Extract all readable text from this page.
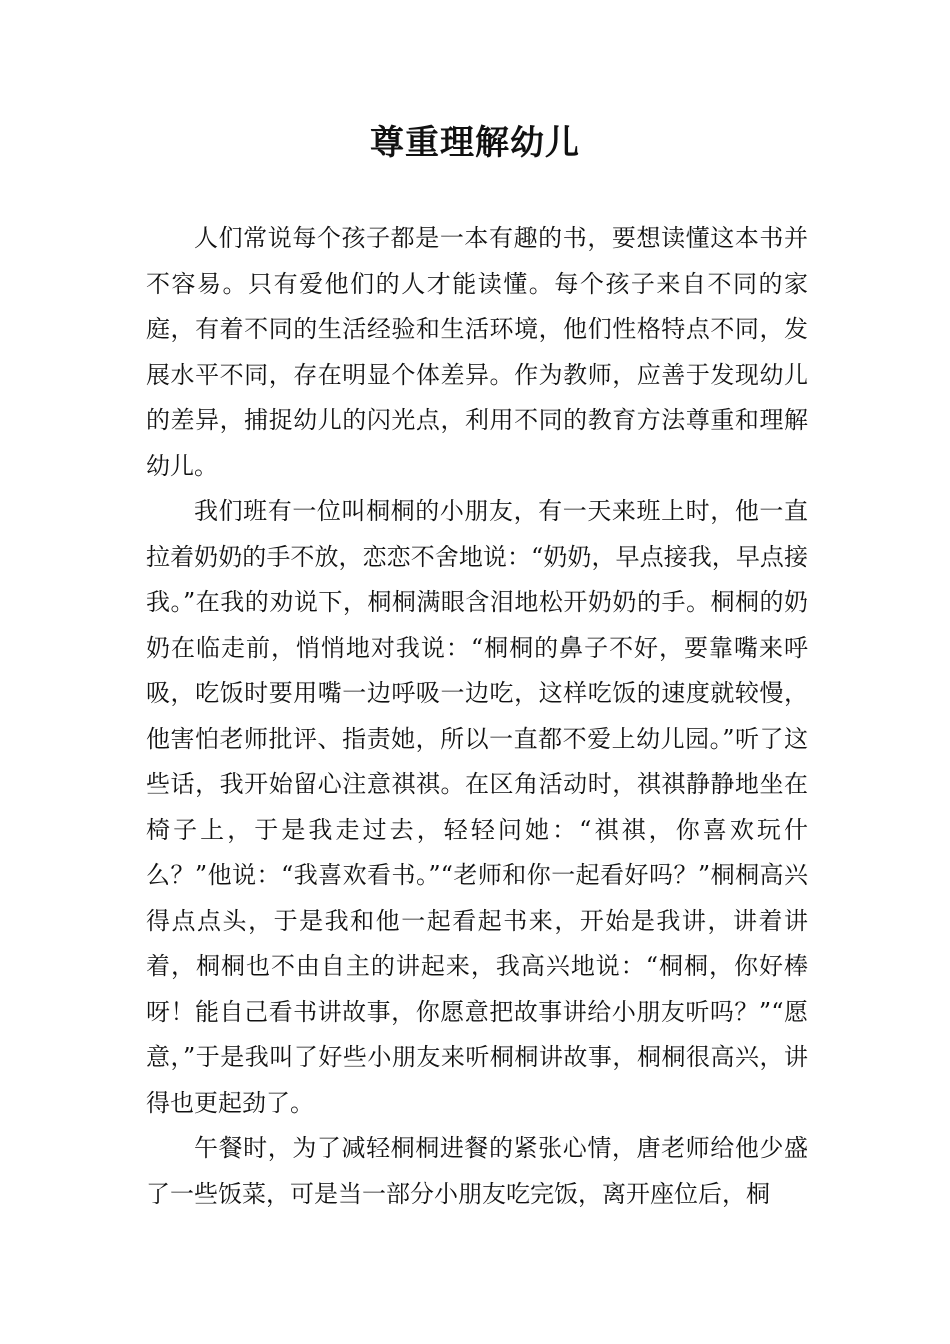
尊重理解幼儿

人们常说每个孩子都是一本有趣的书，要想读懂这本书并不容易。只有爱他们的人才能读懂。每个孩子来自不同的家庭，有着不同的生活经验和生活环境，他们性格特点不同，发展水平不同，存在明显个体差异。作为教师，应善于发现幼儿的差异，捕捉幼儿的闪光点，利用不同的教育方法尊重和理解幼儿。

我们班有一位叫桐桐的小朋友，有一天来班上时，他一直拉着奶奶的手不放，恋恋不舍地说：“奶奶，早点接我，早点接我。”在我的劝说下，桐桐满眼含泪地松开奶奶的手。桐桐的奶奶在临走前，悄悄地对我说：“桐桐的鼻子不好，要靠嘴来呼吸，吃饭时要用嘴一边呼吸一边吃，这样吃饭的速度就较慢，他害怕老师批评、指责她，所以一直都不爱上幼儿园。”听了这些话，我开始留心注意祺祺。在区角活动时，祺祺静静地坐在椅子上，于是我走过去，轻轻问她：“祺祺，你喜欢玩什么？”他说：“我喜欢看书。”“老师和你一起看好吗？”桐桐高兴得点点头，于是我和他一起看起书来，开始是我讲，讲着讲着，桐桐也不由自主的讲起来，我高兴地说：“桐桐，你好棒呀！能自己看书讲故事，你愿意把故事讲给小朋友听吗？”“愿意，”于是我叫了好些小朋友来听桐桐讲故事，桐桐很高兴，讲得也更起劲了。

午餐时，为了减轻桐桐进餐的紧张心情，唐老师给他少盛了一些饭菜，可是当一部分小朋友吃完饭，离开座位后，桐
